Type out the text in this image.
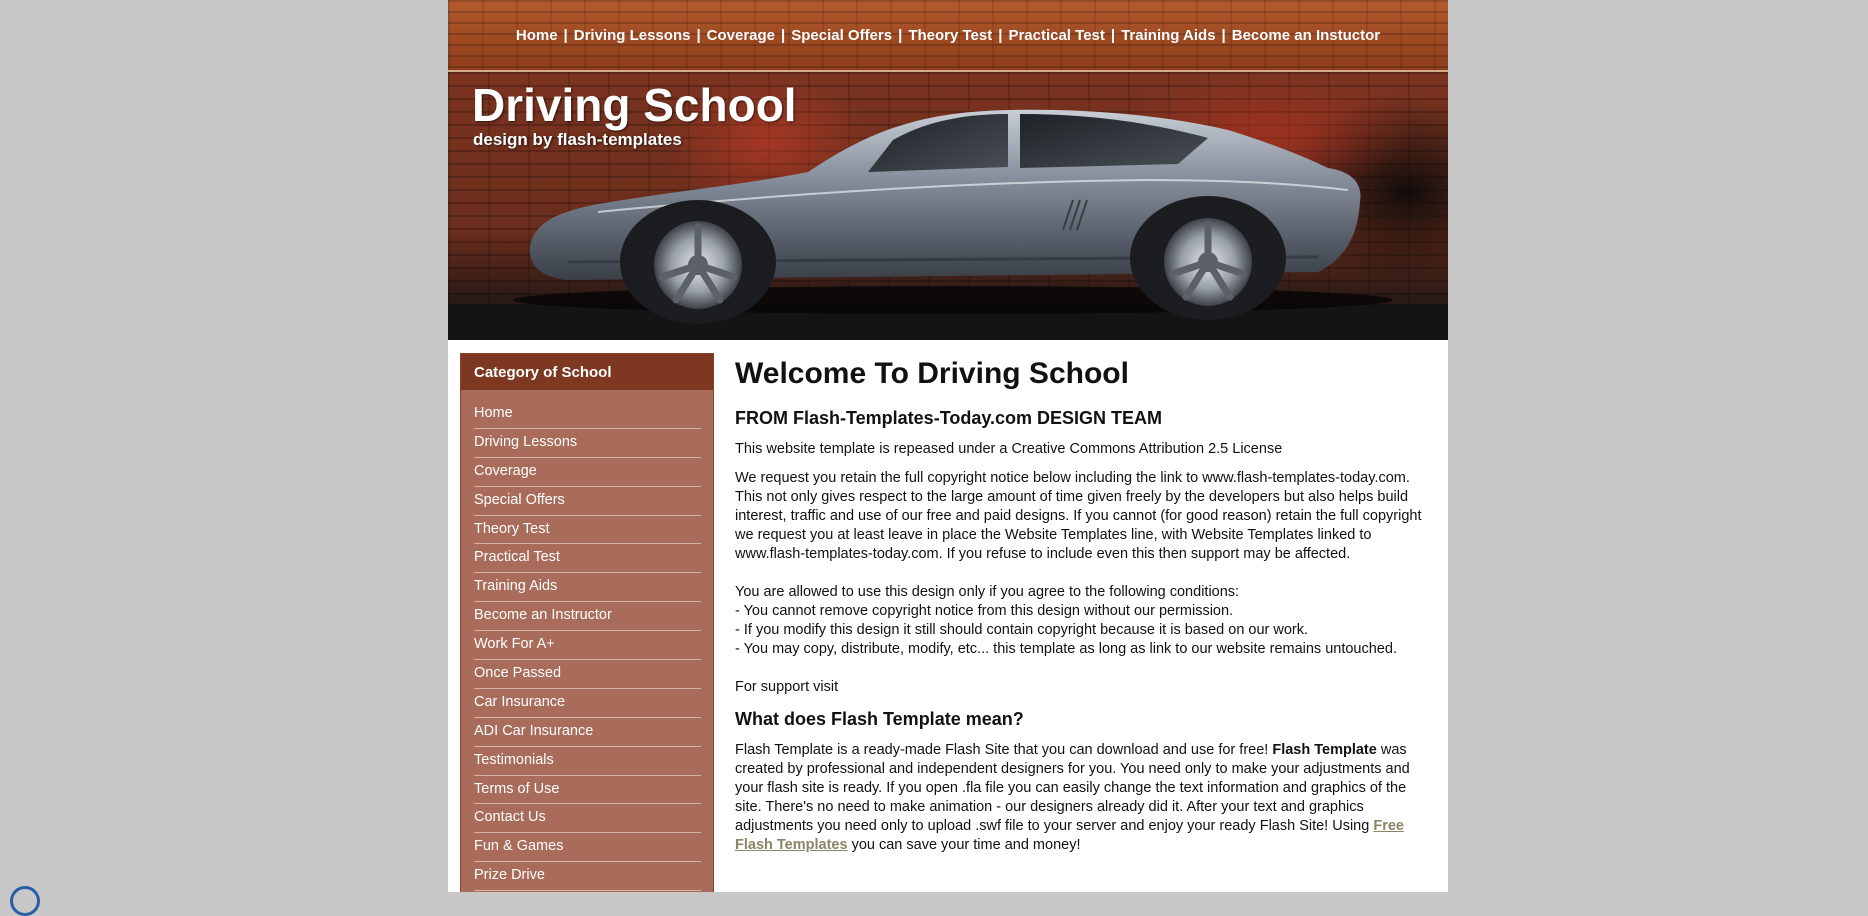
Home | Driving Lessons | Coverage | Special Offers | Theory Test | Practical Test | Training Aids | Become an Instuctor
Driving School

design by flash-templates

Category of School
Home
Driving Lessons
Coverage
Special Offers
Theory Test
Practical Test
Training Aids
Become an Instructor
Work For A+
Once Passed
Car Insurance
ADI Car Insurance
Testimonials
Terms of Use
Contact Us
Fun & Games
Prize Drive
Welcome To Driving School
FROM Flash-Templates-Today.com DESIGN TEAM

This website template is repeased under a Creative Commons Attribution 2.5 License

We request you retain the full copyright notice below including the link to www.flash-templates-today.com. This not only gives respect to the large amount of time given freely by the developers but also helps build interest, traffic and use of our free and paid designs. If you cannot (for good reason) retain the full copyright we request you at least leave in place the Website Templates line, with Website Templates linked to www.flash-templates-today.com. If you refuse to include even this then support may be affected.

You are allowed to use this design only if you agree to the following conditions:
- You cannot remove copyright notice from this design without our permission.
- If you modify this design it still should contain copyright because it is based on our work.
- You may copy, distribute, modify, etc... this template as long as link to our website remains untouched.
For support visit
What does Flash Template mean?

Flash Template is a ready-made Flash Site that you can download and use for free! Flash Template was created by professional and independent designers for you. You need only to make your adjustments and your flash site is ready. If you open .fla file you can easily change the text information and graphics of the site. There's no need to make animation - our designers already did it. After your text and graphics adjustments you need only to upload .swf file to your server and enjoy your ready Flash Site! Using Free Flash Templates you can save your time and money!
